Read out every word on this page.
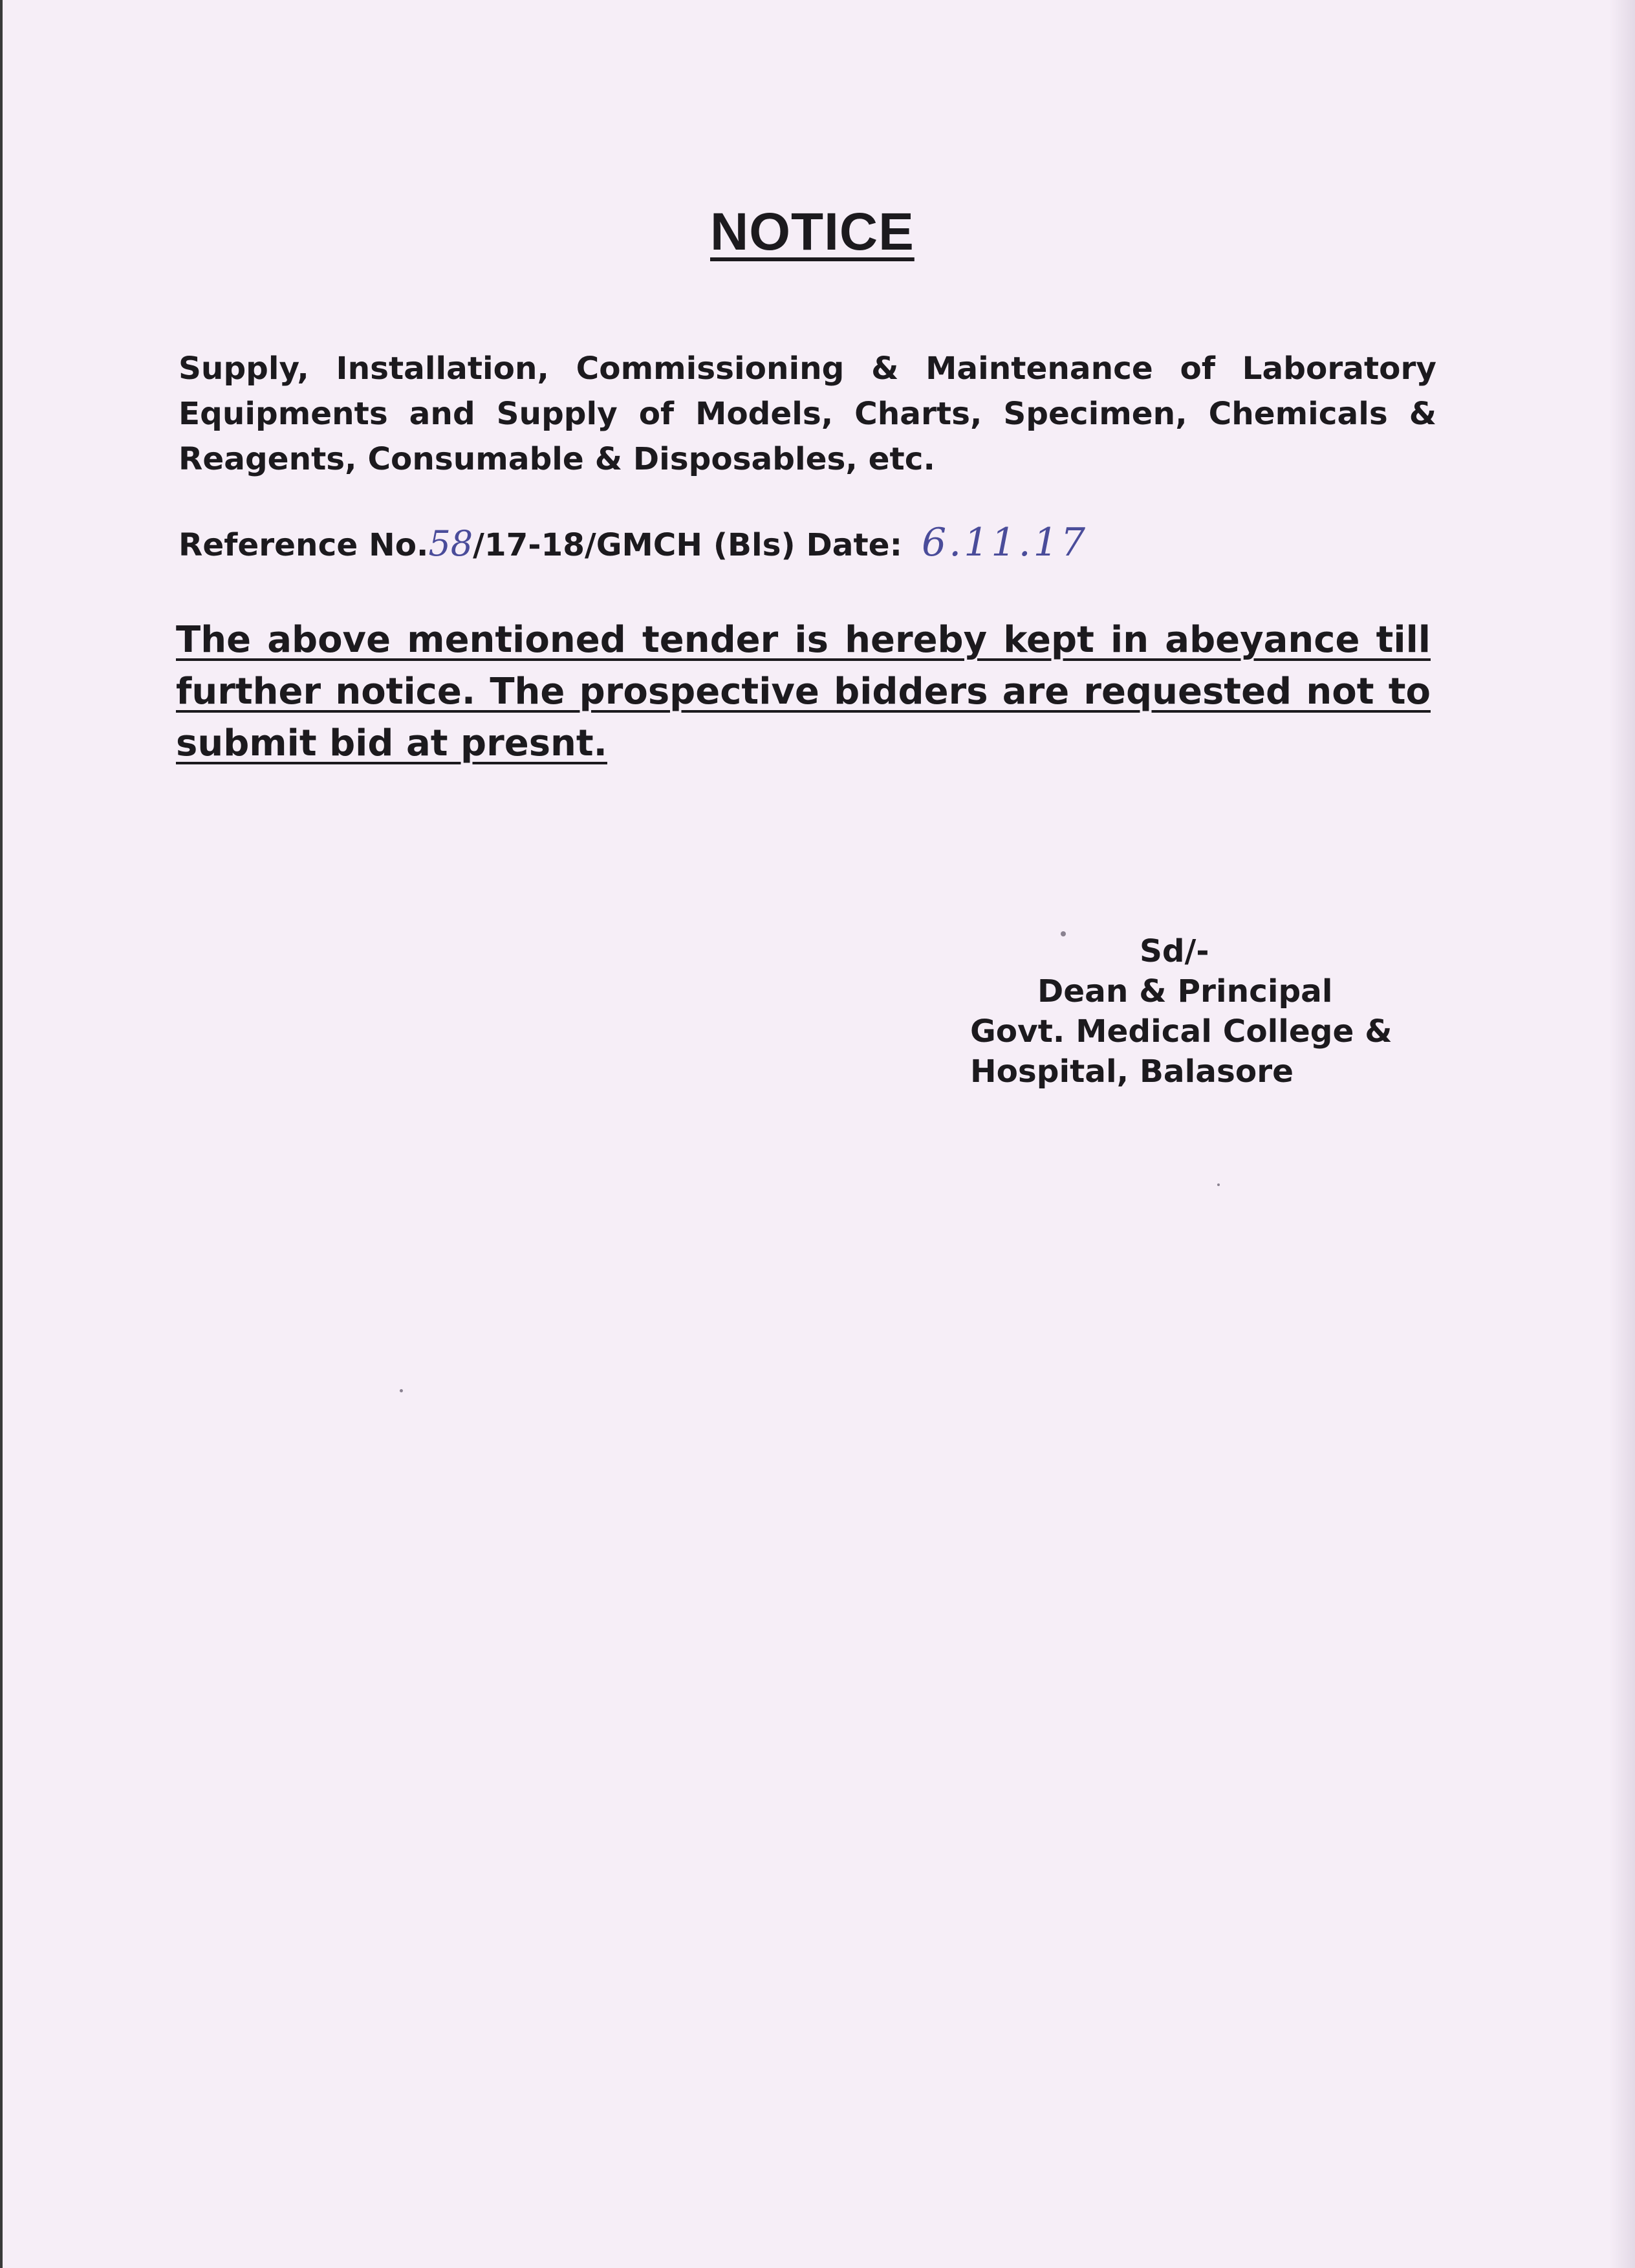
NOTICE

Supply, Installation, Commissioning & Maintenance of Laboratory Equipments and Supply of Models, Charts, Specimen, Chemicals & Reagents, Consumable & Disposables, etc.

Reference No.58/17-18/GMCH (Bls) Date: 6.11.17

The above mentioned tender is hereby kept in abeyance till further notice. The prospective bidders are requested not to submit bid at presnt.

Sd/-
Dean & Principal
Govt. Medical College &
Hospital, Balasore
